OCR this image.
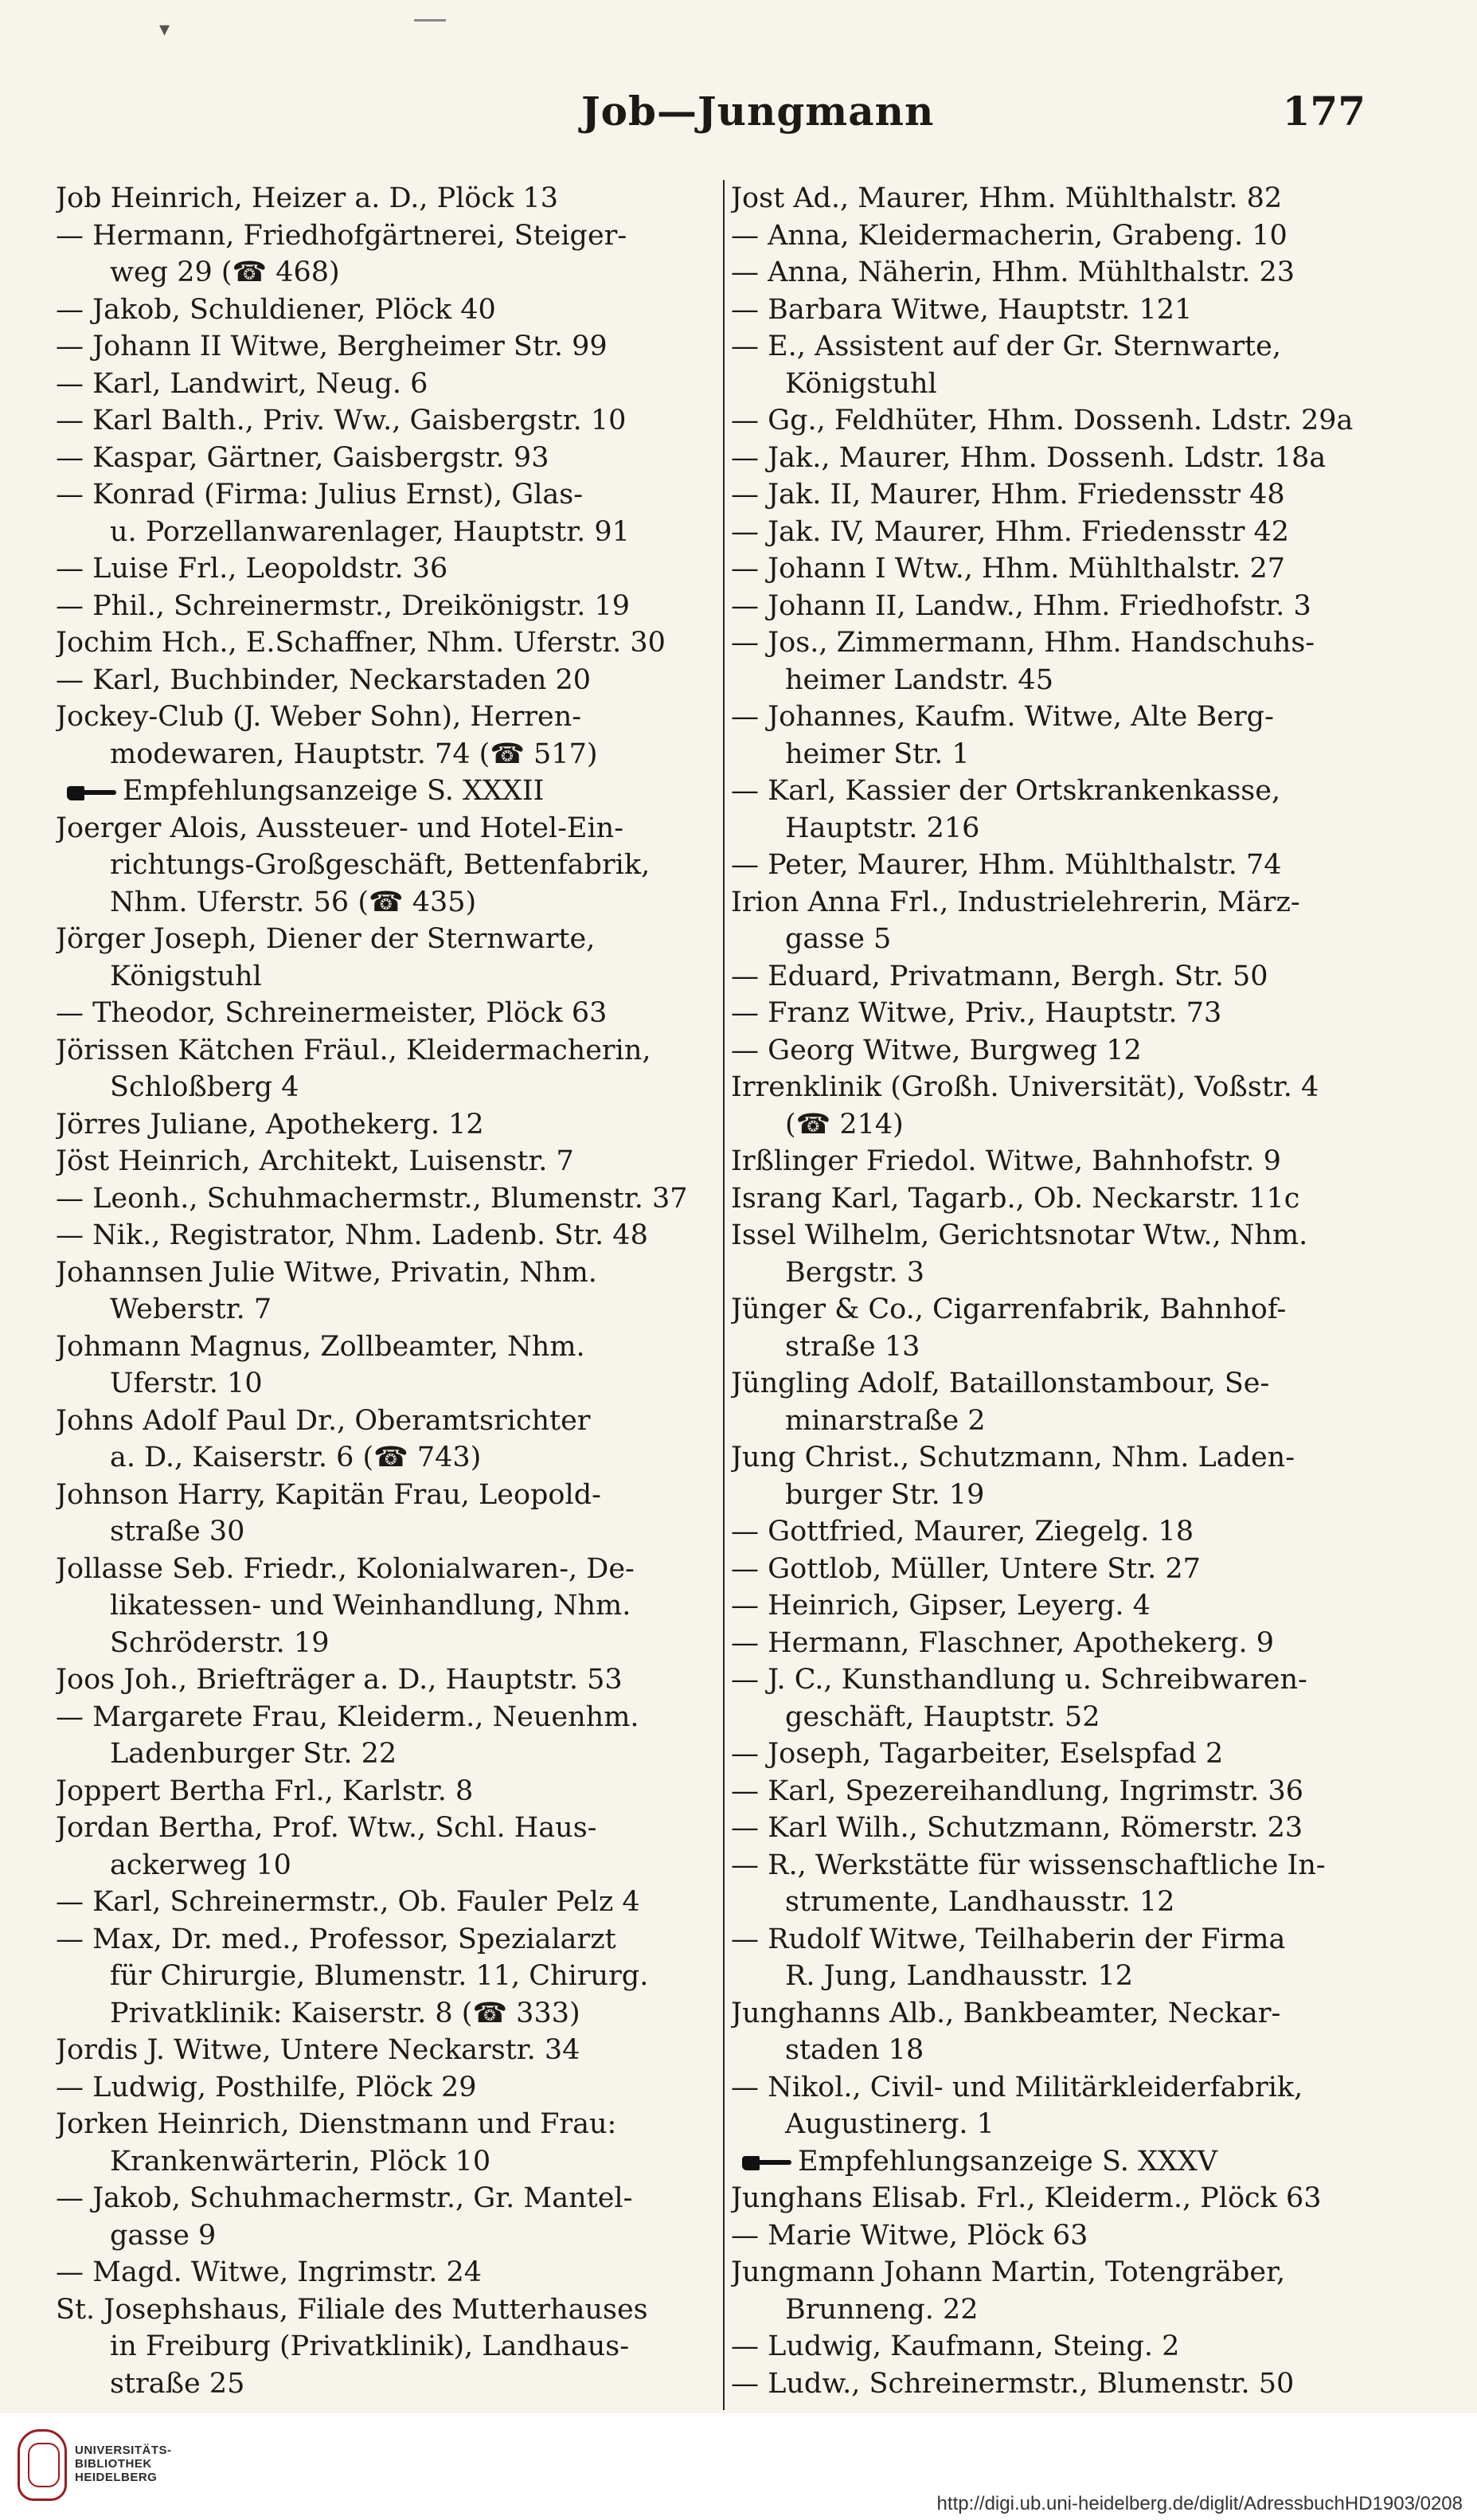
▾
Job—Jungmann	177

Job Heinrich, Heizer a. D., Plöck 13

— Hermann, Friedhofgärtnerei, Steiger-
weg 29 (☎ 468)

— Jakob, Schuldiener, Plöck 40

— Johann II Witwe, Bergheimer Str. 99

— Karl, Landwirt, Neug. 6

— Karl Balth., Priv. Ww., Gaisbergstr. 10

— Kaspar, Gärtner, Gaisbergstr. 93

— Konrad (Firma: Julius Ernst), Glas-
u. Porzellanwarenlager, Hauptstr. 91

— Luise Frl., Leopoldstr. 36

— Phil., Schreinermstr., Dreikönigstr. 19

Jochim Hch., E.Schaffner, Nhm. Uferstr. 30

— Karl, Buchbinder, Neckarstaden 20

Jockey-Club (J. Weber Sohn), Herren-
modewaren, Hauptstr. 74 (☎ 517)

Empfehlungsanzeige S. XXXII

Joerger Alois, Aussteuer- und Hotel-Ein-
richtungs-Großgeschäft, Bettenfabrik,
Nhm. Uferstr. 56 (☎ 435)

Jörger Joseph, Diener der Sternwarte,
Königstuhl

— Theodor, Schreinermeister, Plöck 63

Jörissen Kätchen Fräul., Kleidermacherin,
Schloßberg 4

Jörres Juliane, Apothekerg. 12

Jöst Heinrich, Architekt, Luisenstr. 7

— Leonh., Schuhmachermstr., Blumenstr. 37

— Nik., Registrator, Nhm. Ladenb. Str. 48

Johannsen Julie Witwe, Privatin, Nhm.
Weberstr. 7

Johmann Magnus, Zollbeamter, Nhm.
Uferstr. 10

Johns Adolf Paul Dr., Oberamtsrichter
a. D., Kaiserstr. 6 (☎ 743)

Johnson Harry, Kapitän Frau, Leopold-
straße 30

Jollasse Seb. Friedr., Kolonialwaren-, De-
likatessen- und Weinhandlung, Nhm.
Schröderstr. 19

Joos Joh., Briefträger a. D., Hauptstr. 53

— Margarete Frau, Kleiderm., Neuenhm.
Ladenburger Str. 22

Joppert Bertha Frl., Karlstr. 8

Jordan Bertha, Prof. Wtw., Schl. Haus-
ackerweg 10

— Karl, Schreinermstr., Ob. Fauler Pelz 4

— Max, Dr. med., Professor, Spezialarzt
für Chirurgie, Blumenstr. 11, Chirurg.
Privatklinik: Kaiserstr. 8 (☎ 333)

Jordis J. Witwe, Untere Neckarstr. 34

— Ludwig, Posthilfe, Plöck 29

Jorken Heinrich, Dienstmann und Frau:
Krankenwärterin, Plöck 10

— Jakob, Schuhmachermstr., Gr. Mantel-
gasse 9

— Magd. Witwe, Ingrimstr. 24

St. Josephshaus, Filiale des Mutterhauses
in Freiburg (Privatklinik), Landhaus-
straße 25

Jost Ad., Maurer, Hhm. Mühlthalstr. 82

— Anna, Kleidermacherin, Grabeng. 10

— Anna, Näherin, Hhm. Mühlthalstr. 23

— Barbara Witwe, Hauptstr. 121

— E., Assistent auf der Gr. Sternwarte,
Königstuhl

— Gg., Feldhüter, Hhm. Dossenh. Ldstr. 29a

— Jak., Maurer, Hhm. Dossenh. Ldstr. 18a

— Jak. II, Maurer, Hhm. Friedensstr 48

— Jak. IV, Maurer, Hhm. Friedensstr 42

— Johann I Wtw., Hhm. Mühlthalstr. 27

— Johann II, Landw., Hhm. Friedhofstr. 3

— Jos., Zimmermann, Hhm. Handschuhs-
heimer Landstr. 45

— Johannes, Kaufm. Witwe, Alte Berg-
heimer Str. 1

— Karl, Kassier der Ortskrankenkasse,
Hauptstr. 216

— Peter, Maurer, Hhm. Mühlthalstr. 74

Irion Anna Frl., Industrielehrerin, März-
gasse 5

— Eduard, Privatmann, Bergh. Str. 50

— Franz Witwe, Priv., Hauptstr. 73

— Georg Witwe, Burgweg 12

Irrenklinik (Großh. Universität), Voßstr. 4
(☎ 214)

Irßlinger Friedol. Witwe, Bahnhofstr. 9

Israng Karl, Tagarb., Ob. Neckarstr. 11c

Issel Wilhelm, Gerichtsnotar Wtw., Nhm.
Bergstr. 3

Jünger & Co., Cigarrenfabrik, Bahnhof-
straße 13

Jüngling Adolf, Bataillonstambour, Se-
minarstraße 2

Jung Christ., Schutzmann, Nhm. Laden-
burger Str. 19

— Gottfried, Maurer, Ziegelg. 18

— Gottlob, Müller, Untere Str. 27

— Heinrich, Gipser, Leyerg. 4

— Hermann, Flaschner, Apothekerg. 9

— J. C., Kunsthandlung u. Schreibwaren-
geschäft, Hauptstr. 52

— Joseph, Tagarbeiter, Eselspfad 2

— Karl, Spezereihandlung, Ingrimstr. 36

— Karl Wilh., Schutzmann, Römerstr. 23

— R., Werkstätte für wissenschaftliche In-
strumente, Landhausstr. 12

— Rudolf Witwe, Teilhaberin der Firma
R. Jung, Landhausstr. 12

Junghanns Alb., Bankbeamter, Neckar-
staden 18

— Nikol., Civil- und Militärkleiderfabrik,
Augustinerg. 1

Empfehlungsanzeige S. XXXV

Junghans Elisab. Frl., Kleiderm., Plöck 63

— Marie Witwe, Plöck 63

Jungmann Johann Martin, Totengräber,
Brunneng. 22

— Ludwig, Kaufmann, Steing. 2

— Ludw., Schreinermstr., Blumenstr. 50

UNIVERSITÄTS- BIBLIOTHEK HEIDELBERG
http://digi.ub.uni-heidelberg.de/diglit/AdressbuchHD1903/0208
